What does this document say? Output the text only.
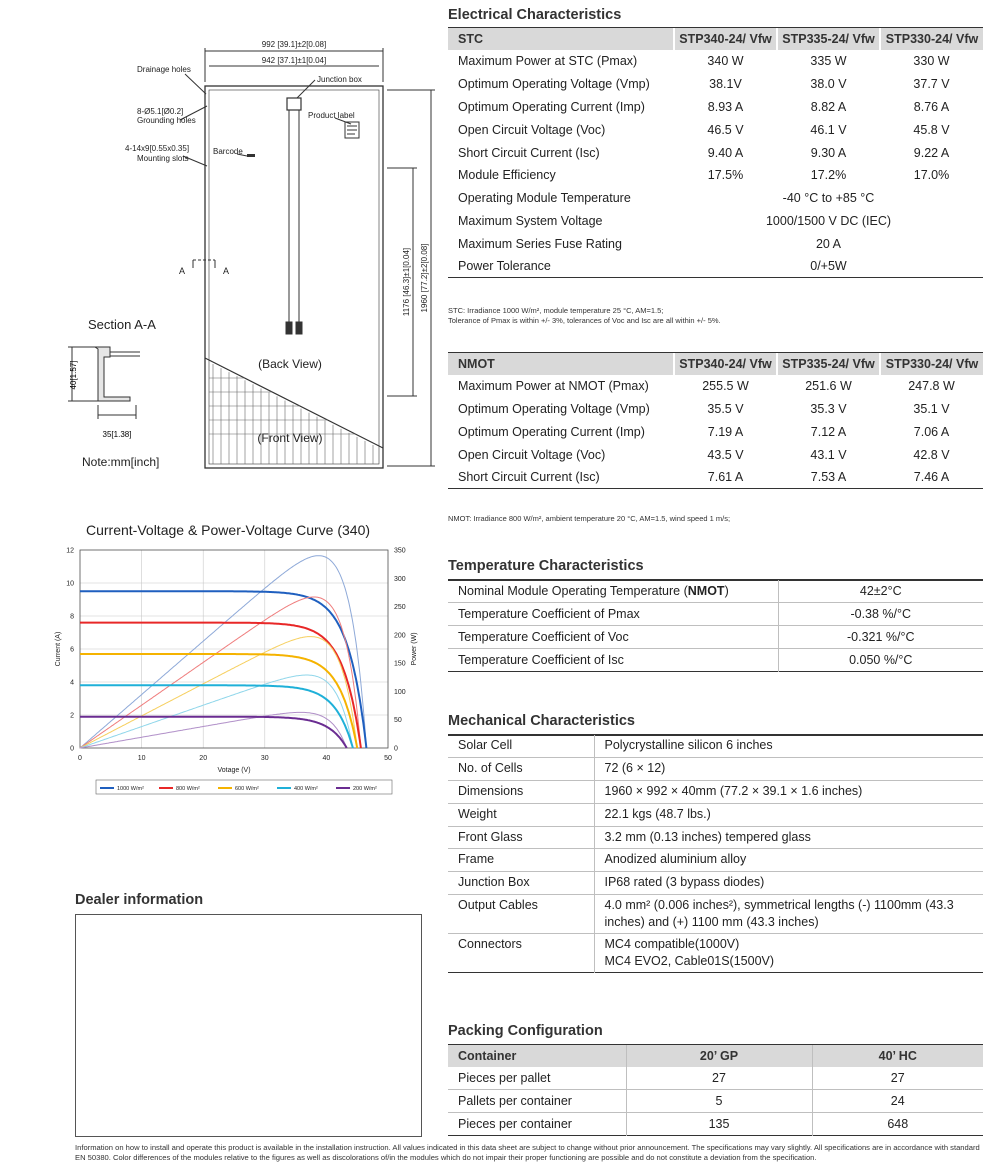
992 [39.1]±2[0.08]
942 [37.1]±1[0.04]
Drainage holes
Junction box
8-Ø5.1[Ø0.2]
Grounding holes
Product label
4-14x9[0.55x0.35]
Mounting slots
Barcode
A	A	1176 [46.3]±1[0.04] 1960 [77.2]±2[0.08]
(Back View)
(Front View)
Section A-A
40[1.57]
35[1.38]
Note:mm[inch]
Current-Voltage & Power-Voltage Curve (340)
0	10	20	30	40	50
0
2
4
6
8
10
12
0
50
100
150
200
250
300
350
Votage (V)
Current (A)	Power (W)
1000 W/m²	800 W/m²	600 W/m²	400 W/m²	200 W/m²
Dealer information
Electrical Characteristics
STC	STP340-24/ Vfw	STP335-24/ Vfw	STP330-24/ Vfw
Maximum Power at STC (Pmax)	340 W	335 W	330 W
Optimum Operating Voltage (Vmp)	38.1V	38.0 V	37.7 V
Optimum Operating Current (Imp)	8.93 A	8.82 A	8.76 A
Open Circuit Voltage (Voc)	46.5 V	46.1 V	45.8 V
Short Circuit Current (Isc)	9.40 A	9.30 A	9.22 A
Module Efficiency	17.5%	17.2%	17.0%
Operating Module Temperature	-40 °C to +85 °C		
Maximum System Voltage	1000/1500 V DC (IEC)		
Maximum Series Fuse Rating	20 A		
Power Tolerance	0/+5W		
STC: Irradiance 1000 W/m², module temperature 25 °C, AM=1.5;
Tolerance of Pmax is within +/- 3%, tolerances of Voc and Isc are all within +/- 5%.
NMOT	STP340-24/ Vfw	STP335-24/ Vfw	STP330-24/ Vfw
Maximum Power at NMOT (Pmax)	255.5 W	251.6 W	247.8 W
Optimum Operating Voltage (Vmp)	35.5 V	35.3 V	35.1 V
Optimum Operating Current (Imp)	7.19 A	7.12 A	7.06 A
Open Circuit Voltage (Voc)	43.5 V	43.1 V	42.8 V
Short Circuit Current (Isc)	7.61 A	7.53 A	7.46 A
NMOT: Irradiance 800 W/m², ambient temperature 20 °C, AM=1.5, wind speed 1 m/s;
Temperature Characteristics
Nominal Module Operating Temperature (NMOT)	42±2°C
Temperature Coefficient of Pmax	-0.38 %/°C
Temperature Coefficient of Voc	-0.321 %/°C
Temperature Coefficient of Isc	0.050 %/°C
Mechanical Characteristics
Solar Cell	Polycrystalline silicon 6 inches

No. of Cells	72 (6 × 12)

Dimensions	1960 × 992 × 40mm (77.2 × 39.1 × 1.6 inches)

Weight	22.1 kgs (48.7 lbs.)

Front Glass	3.2 mm (0.13 inches) tempered glass

Frame	Anodized aluminium alloy

Junction Box	IP68 rated (3 bypass diodes)

Output Cables	4.0 mm² (0.006 inches²), symmetrical lengths (-) 1100mm (43.3 inches) and (+) 1100 mm (43.3 inches)

Connectors	MC4 compatible(1000V)
MC4 EVO2, Cable01S(1500V)
Packing Configuration
Container	20’ GP	40’ HC
Pieces per pallet	27	27
Pallets per container	5	24
Pieces per container	135	648
Information on how to install and operate this product is available in the installation instruction. All values indicated in this data sheet are subject to change without prior announcement. The specifications may vary slightly. All specifications are in accordance with standard EN 50380. Color differences of the modules relative to the figures as well as discolorations of/in the modules which do not impair their proper functioning are possible and do not constitute a deviation from the specification.
